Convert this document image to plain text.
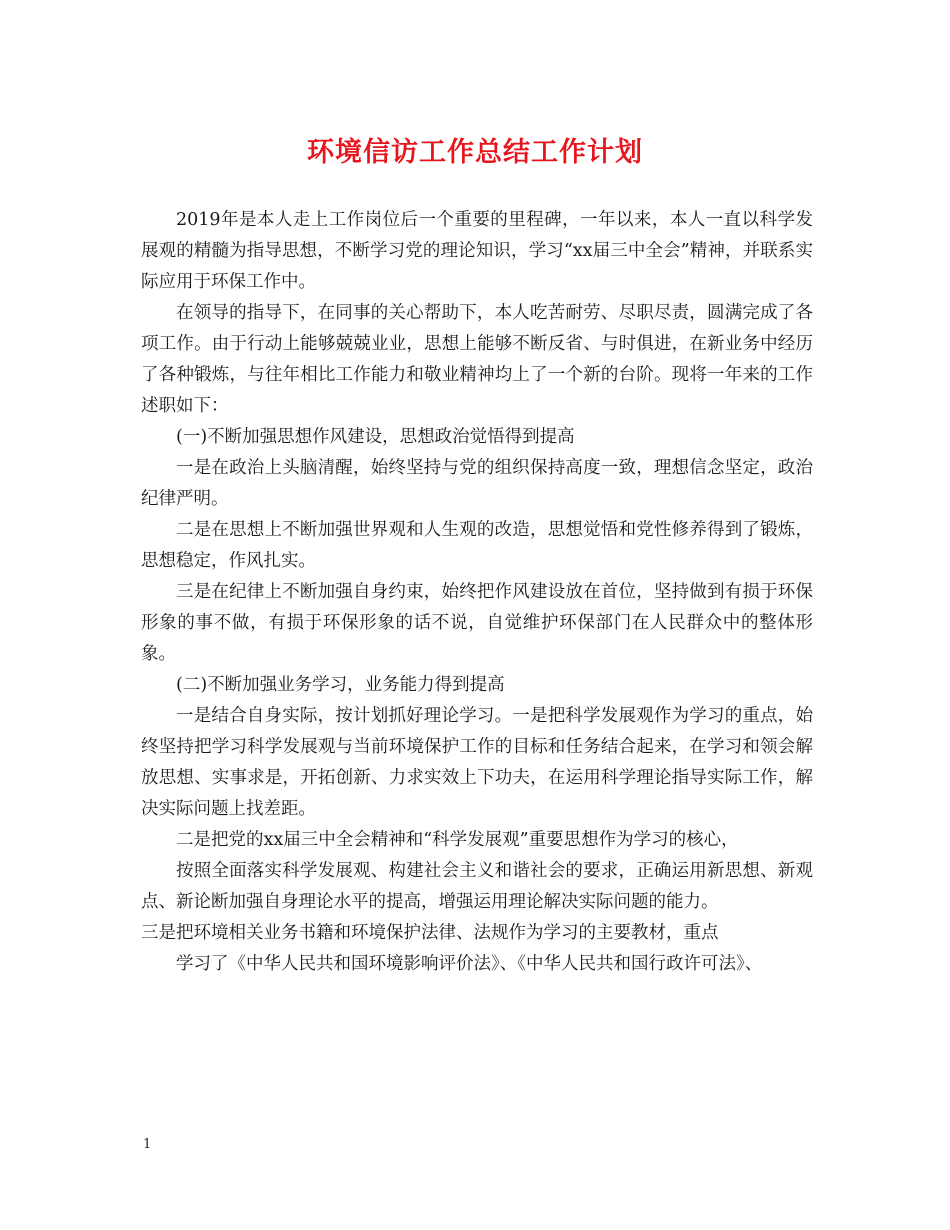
环境信访工作总结工作计划

2019年是本人走上工作岗位后一个重要的里程碑，一年以来，本人一直以科学发展观的精髓为指导思想，不断学习党的理论知识，学习“xx届三中全会”精神，并联系实际应用于环保工作中。

在领导的指导下，在同事的关心帮助下，本人吃苦耐劳、尽职尽责，圆满完成了各项工作。由于行动上能够兢兢业业，思想上能够不断反省、与时俱进，在新业务中经历了各种锻炼，与往年相比工作能力和敬业精神均上了一个新的台阶。现将一年来的工作述职如下：

(一)不断加强思想作风建设，思想政治觉悟得到提高

一是在政治上头脑清醒，始终坚持与党的组织保持高度一致，理想信念坚定，政治纪律严明。

二是在思想上不断加强世界观和人生观的改造，思想觉悟和党性修养得到了锻炼，思想稳定，作风扎实。

三是在纪律上不断加强自身约束，始终把作风建设放在首位，坚持做到有损于环保形象的事不做，有损于环保形象的话不说，自觉维护环保部门在人民群众中的整体形象。

(二)不断加强业务学习，业务能力得到提高

一是结合自身实际，按计划抓好理论学习。一是把科学发展观作为学习的重点，始终坚持把学习科学发展观与当前环境保护工作的目标和任务结合起来，在学习和领会解放思想、实事求是，开拓创新、力求实效上下功夫，在运用科学理论指导实际工作，解决实际问题上找差距。

二是把党的xx届三中全会精神和“科学发展观”重要思想作为学习的核心，

按照全面落实科学发展观、构建社会主义和谐社会的要求，正确运用新思想、新观点、新论断加强自身理论水平的提高，增强运用理论解决实际问题的能力。

三是把环境相关业务书籍和环境保护法律、法规作为学习的主要教材，重点

学习了《中华人民共和国环境影响评价法》、《中华人民共和国行政许可法》、

1
